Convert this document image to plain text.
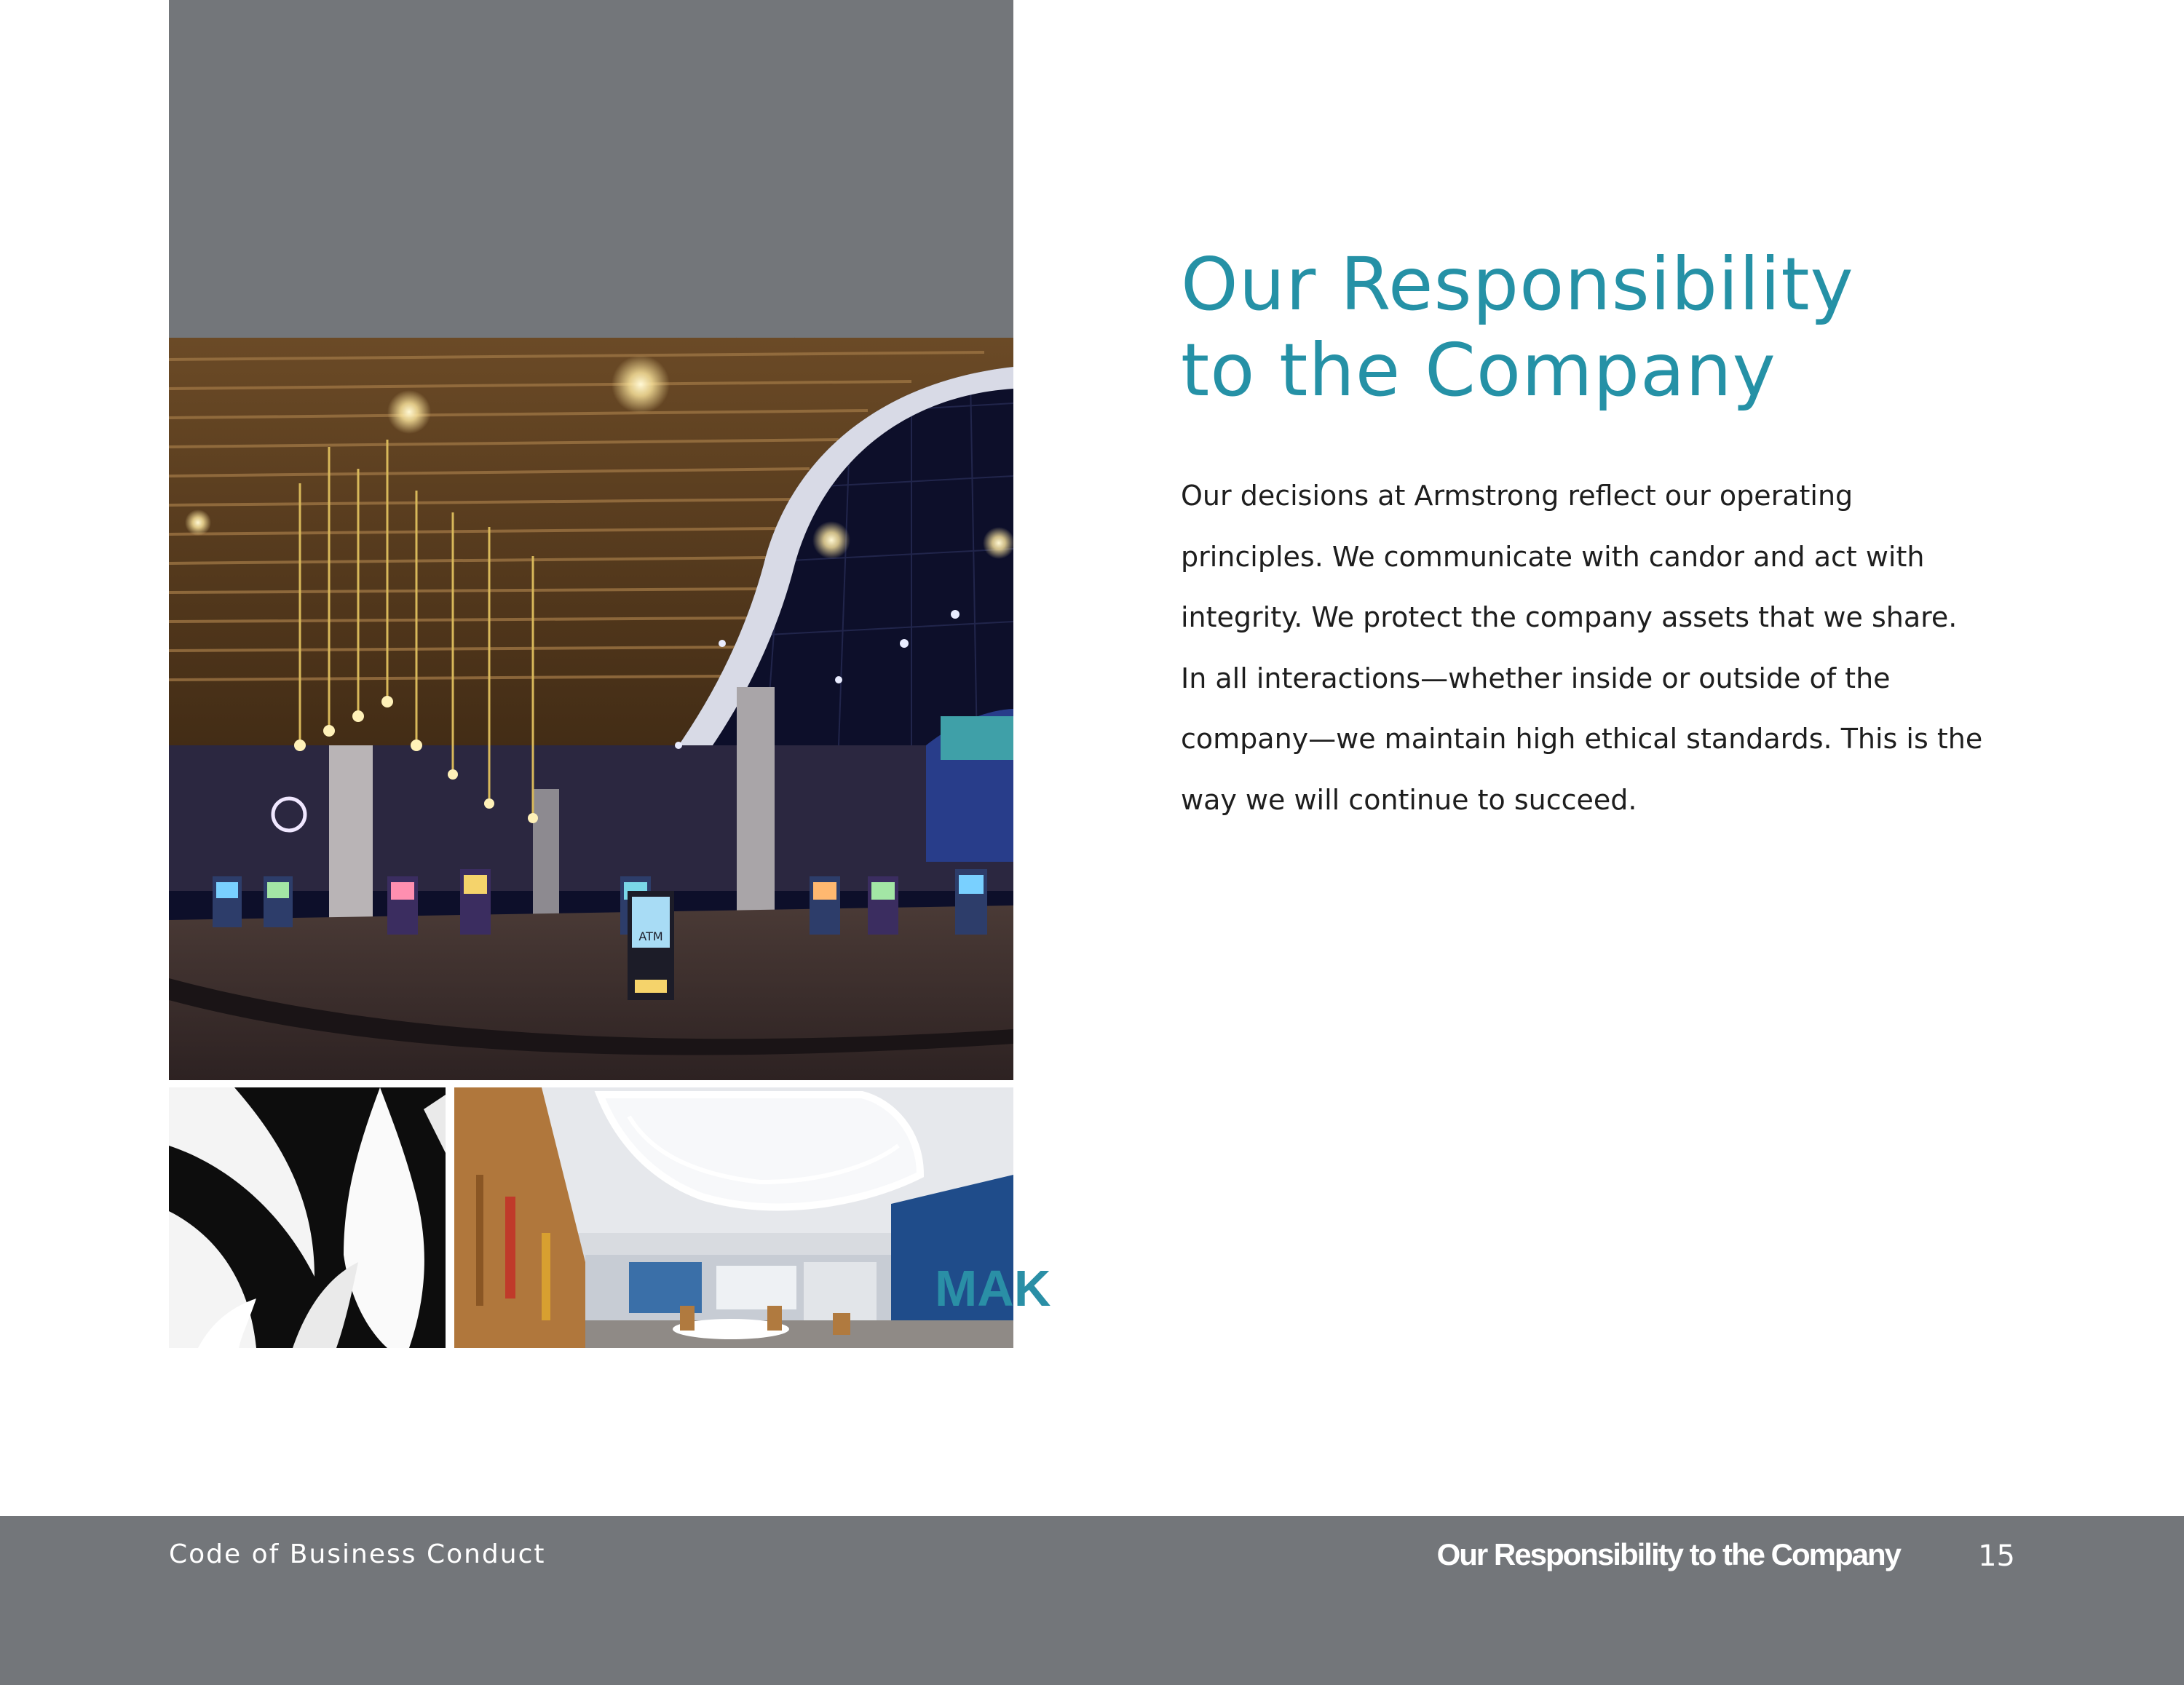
ATM
MAK
Our Responsibility
to the Company
Our decisions at Armstrong reflect our operating
principles. We communicate with candor and act with
integrity. We protect the company assets that we share.
In all interactions—whether inside or outside of the
company—we maintain high ethical standards. This is the
way we will continue to succeed.
Code of Business Conduct	Our Responsibility to the Company	15
